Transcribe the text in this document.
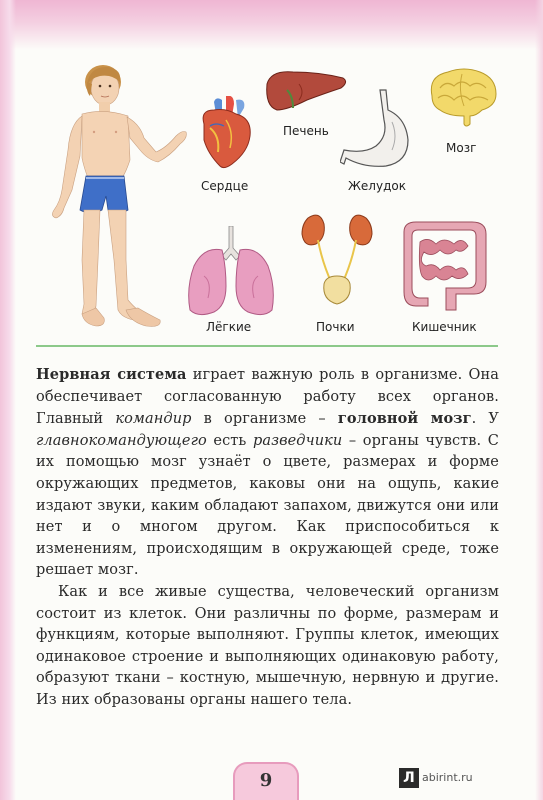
Сердце
Печень
Мозг
Желудок
Лёгкие	Почки	Кишечник

Нервная система играет важную роль в организме. Она обеспечивает согласованную работу всех органов. Главный командир в организме – головной мозг. У главнокомандующего есть разведчики – органы чувств. С их помощью мозг узнаёт о цвете, размерах и форме окружающих предметов, каковы они на ощупь, какие издают звуки, каким обладают запахом, движутся они или нет и о многом другом. Как приспособиться к изменениям, происходящим в окружающей среде, тоже решает мозг.

Как и все живые существа, человеческий организм состоит из клеток. Они различны по форме, размерам и функциям, которые выполняют. Группы клеток, имеющих одинаковое строение и выполняющих одинаковую работу, образуют ткани – костную, мышечную, нервную и другие. Из них образованы органы нашего тела.

9	Л abirint.ru
